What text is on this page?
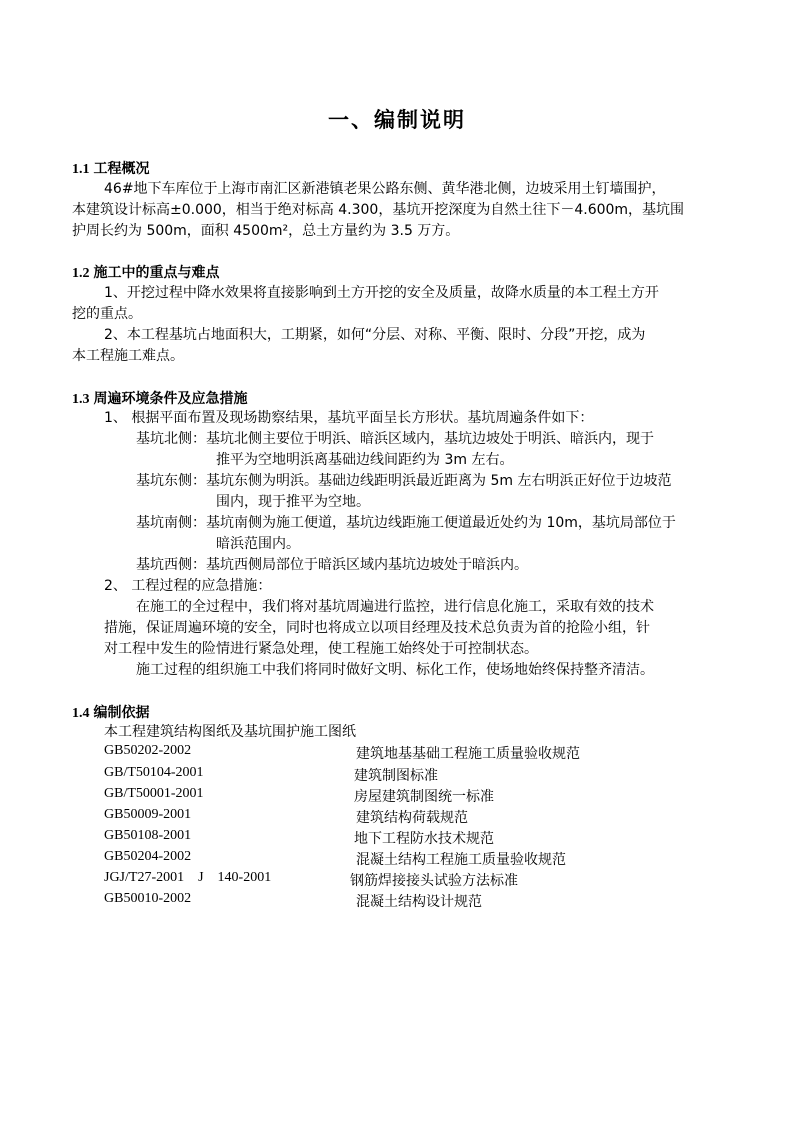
一、编制说明
1.1 工程概况
46#地下车库位于上海市南汇区新港镇老果公路东侧、黄华港北侧，边坡采用土钉墙围护，
本建筑设计标高±0.000，相当于绝对标高 4.300，基坑开挖深度为自然土往下－4.600m，基坑围
护周长约为 500m，面积 4500m²，总土方量约为 3.5 万方。
1.2 施工中的重点与难点
1、开挖过程中降水效果将直接影响到土方开挖的安全及质量，故降水质量的本工程土方开
挖的重点。
2、本工程基坑占地面积大，工期紧，如何“分层、对称、平衡、限时、分段”开挖，成为
本工程施工难点。
1.3 周遍环境条件及应急措施
1、 根据平面布置及现场勘察结果，基坑平面呈长方形状。基坑周遍条件如下：
基坑北侧：基坑北侧主要位于明浜、暗浜区域内，基坑边坡处于明浜、暗浜内，现于
推平为空地明浜离基础边线间距约为 3m 左右。
基坑东侧：基坑东侧为明浜。基础边线距明浜最近距离为 5m 左右明浜正好位于边坡范
围内，现于推平为空地。
基坑南侧：基坑南侧为施工便道，基坑边线距施工便道最近处约为 10m，基坑局部位于
暗浜范围内。
基坑西侧：基坑西侧局部位于暗浜区域内基坑边坡处于暗浜内。
2、 工程过程的应急措施：
在施工的全过程中，我们将对基坑周遍进行监控，进行信息化施工，采取有效的技术
措施，保证周遍环境的安全，同时也将成立以项目经理及技术总负责为首的抢险小组，针
对工程中发生的险情进行紧急处理，使工程施工始终处于可控制状态。
施工过程的组织施工中我们将同时做好文明、标化工作，使场地始终保持整齐清洁。
1.4 编制依据
本工程建筑结构图纸及基坑围护施工图纸
GB50202-2002	建筑地基基础工程施工质量验收规范
GB/T50104-2001	建筑制图标准
GB/T50001-2001	房屋建筑制图统一标准
GB50009-2001	建筑结构荷载规范
GB50108-2001	地下工程防水技术规范
GB50204-2002	混凝土结构工程施工质量验收规范
JGJ/T27-2001    J    140-2001	钢筋焊接接头试验方法标准
GB50010-2002	混凝土结构设计规范
